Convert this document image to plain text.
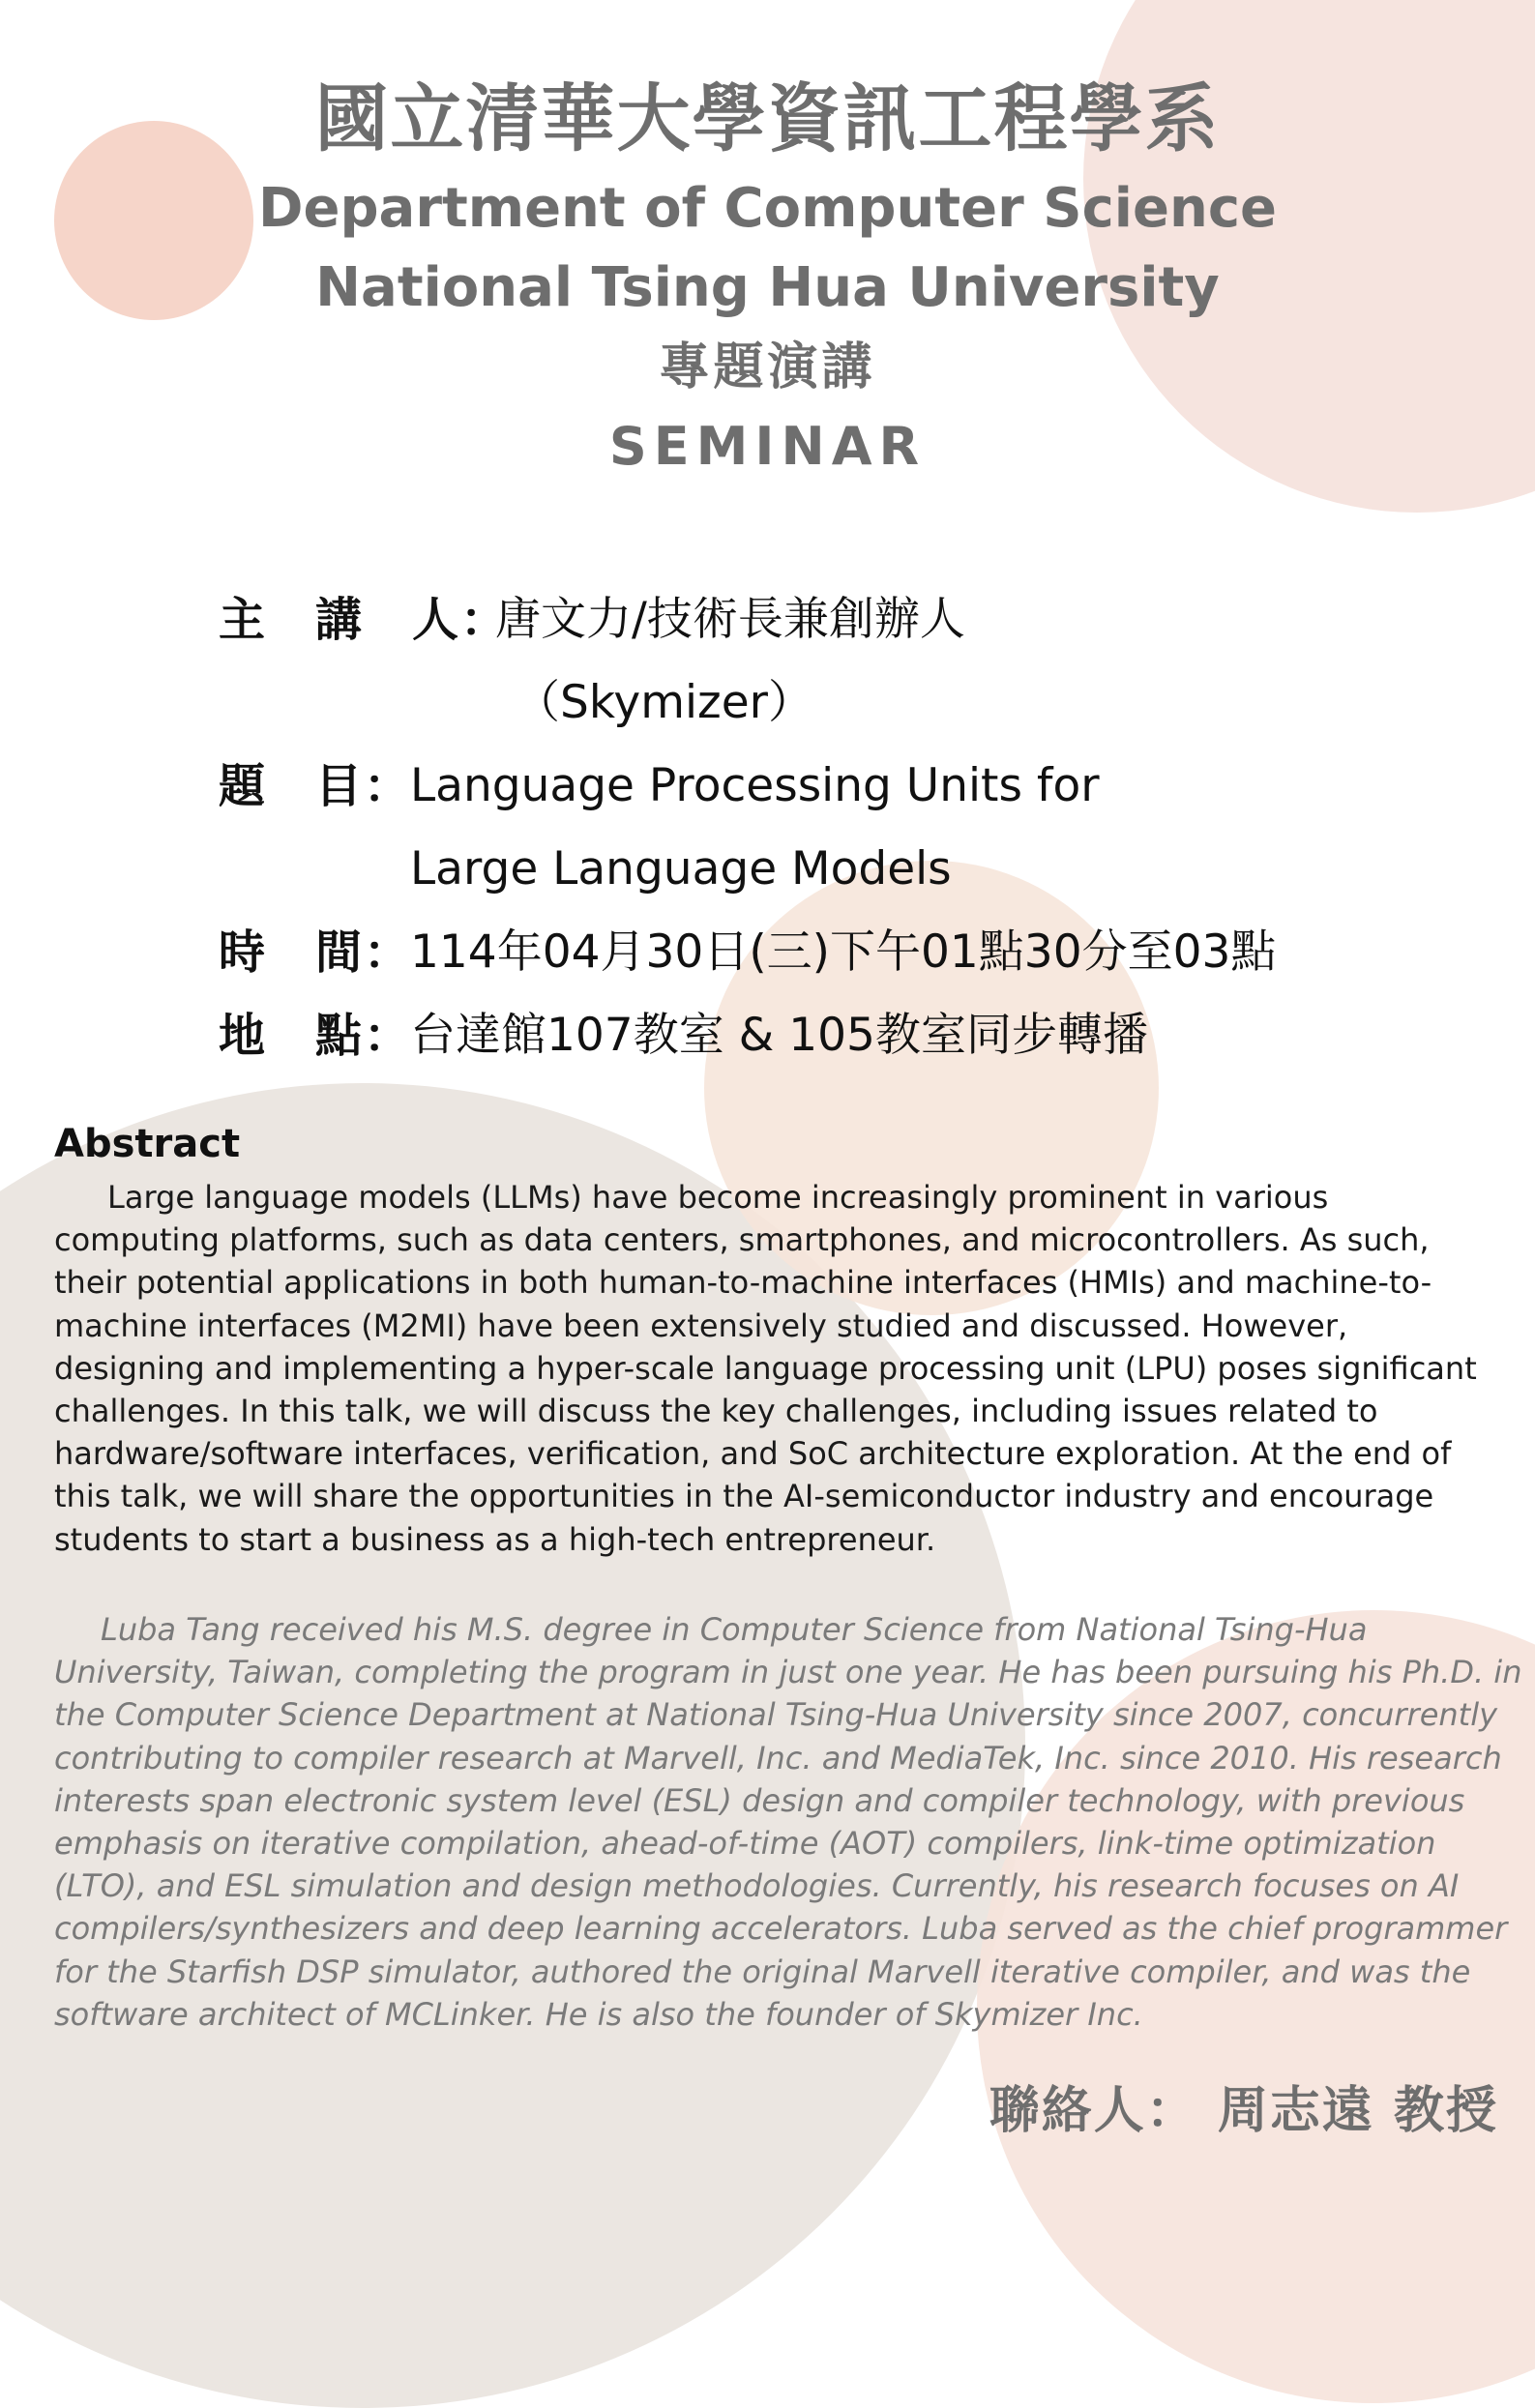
國立清華大學資訊工程學系
Department of Computer Science
National Tsing Hua University
專題演講
SEMINAR
主　講　人：
唐文力/技術長兼創辦人
（Skymizer）
題　目：
Language Processing Units for
Large Language Models
時　間：
114年04月30日(三)下午01點30分至03點
地　點：
台達館107教室 & 105教室同步轉播
Abstract
Large language models (LLMs) have become increasingly prominent in various computing platforms, such as data centers, smartphones, and microcontrollers. As such, their potential applications in both human-to-machine interfaces (HMIs) and machine-to-machine interfaces (M2MI) have been extensively studied and discussed. However, designing and implementing a hyper-scale language processing unit (LPU) poses significant challenges. In this talk, we will discuss the key challenges, including issues related to hardware/software interfaces, verification, and SoC architecture exploration. At the end of this talk, we will share the opportunities in the AI-semiconductor industry and encourage students to start a business as a high-tech entrepreneur.
Luba Tang received his M.S. degree in Computer Science from National Tsing-Hua University, Taiwan, completing the program in just one year. He has been pursuing his Ph.D. in the Computer Science Department at National Tsing-Hua University since 2007, concurrently contributing to compiler research at Marvell, Inc. and MediaTek, Inc. since 2010. His research interests span electronic system level (ESL) design and compiler technology, with previous emphasis on iterative compilation, ahead-of-time (AOT) compilers, link-time optimization (LTO), and ESL simulation and design methodologies. Currently, his research focuses on AI compilers/synthesizers and deep learning accelerators. Luba served as the chief programmer for the Starfish DSP simulator, authored the original Marvell iterative compiler, and was the software architect of MCLinker. He is also the founder of Skymizer Inc.
聯絡人： 周志遠 教授
